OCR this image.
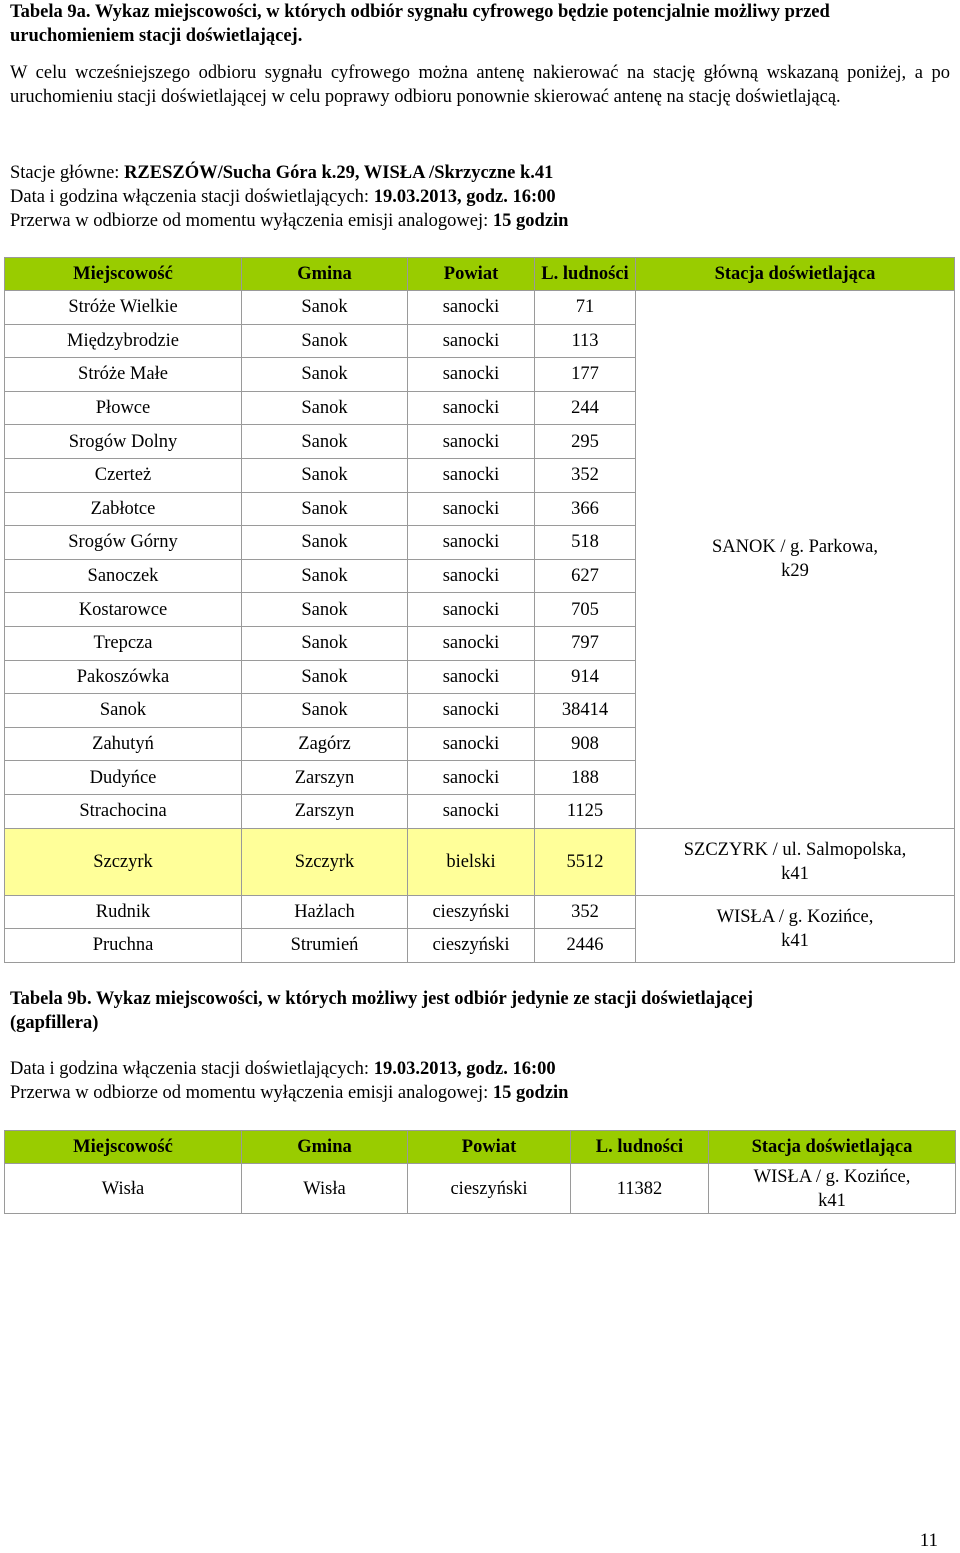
Tabela 9a. Wykaz miejscowości, w których odbiór sygnału cyfrowego będzie potencjalnie możliwy przed uruchomieniem stacji doświetlającej.

W celu wcześniejszego odbioru sygnału cyfrowego można antenę nakierować na stację główną wskazaną poniżej, a po uruchomieniu stacji doświetlającej w celu poprawy odbioru ponownie skierować antenę na stację doświetlającą.

Stacje główne: RZESZÓW/Sucha Góra k.29, WISŁA /Skrzyczne k.41

Data i godzina włączenia stacji doświetlających: 19.03.2013, godz. 16:00

Przerwa w odbiorze od momentu wyłączenia emisji analogowej: 15 godzin

Miejscowość	Gmina	Powiat	L. ludności	Stacja doświetlająca
Stróże Wielkie	Sanok	sanocki	71	SANOK / g. Parkowa,
k29
Międzybrodzie	Sanok	sanocki	113	
Stróże Małe	Sanok	sanocki	177	
Płowce	Sanok	sanocki	244	
Srogów Dolny	Sanok	sanocki	295	
Czerteż	Sanok	sanocki	352	
Zabłotce	Sanok	sanocki	366	
Srogów Górny	Sanok	sanocki	518	
Sanoczek	Sanok	sanocki	627	
Kostarowce	Sanok	sanocki	705	
Trepcza	Sanok	sanocki	797	
Pakoszówka	Sanok	sanocki	914	
Sanok	Sanok	sanocki	38414	
Zahutyń	Zagórz	sanocki	908	
Dudyńce	Zarszyn	sanocki	188	
Strachocina	Zarszyn	sanocki	1125	
Szczyrk	Szczyrk	bielski	5512	SZCZYRK / ul. Salmopolska,
k41
Rudnik	Hażlach	cieszyński	352	WISŁA / g. Kozińce,
k41
Pruchna	Strumień	cieszyński	2446	

Tabela 9b. Wykaz miejscowości, w których możliwy jest odbiór jedynie ze stacji doświetlającej

(gapfillera)

Data i godzina włączenia stacji doświetlających: 19.03.2013, godz. 16:00

Przerwa w odbiorze od momentu wyłączenia emisji analogowej: 15 godzin

Miejscowość	Gmina	Powiat	L. ludności	Stacja doświetlająca
Wisła	Wisła	cieszyński	11382	WISŁA / g. Kozińce,
k41
11
